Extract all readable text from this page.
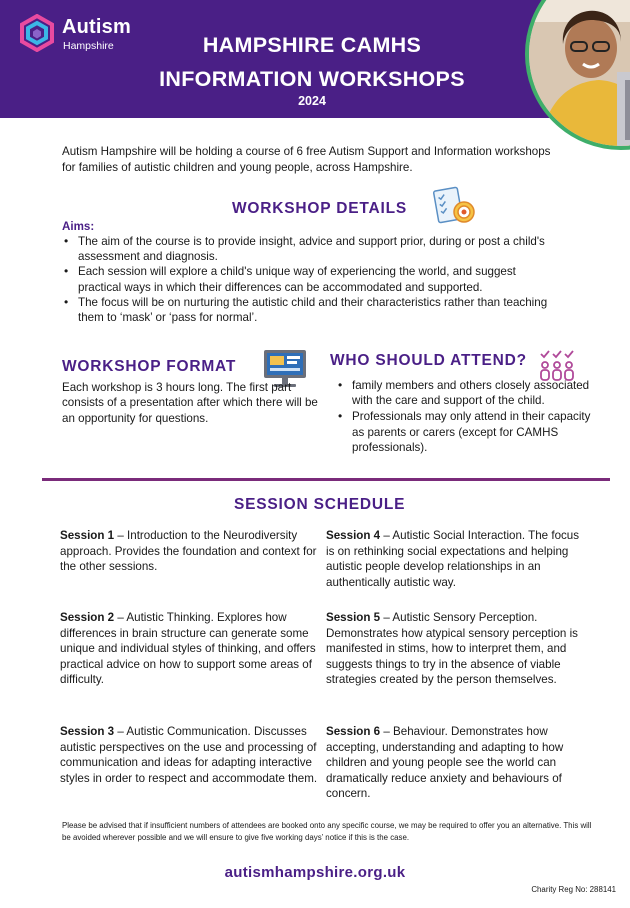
Autism
Hampshire	HAMPSHIRE CAMHS
INFORMATION WORKSHOPS
2024

Autism Hampshire will be holding a course of 6 free Autism Support and Information workshops for families of autistic children and young people, across Hampshire.

WORKSHOP DETAILS
Aims:
• The aim of the course is to provide insight, advice and support prior, during or post a child's assessment and diagnosis.
• Each session will explore a child's unique way of experiencing the world, and suggest practical ways in which their differences can be accommodated and supported.
• The focus will be on nurturing the autistic child and their characteristics rather than teaching them to ‘mask’ or ‘pass for normal’.
WORKSHOP FORMAT

Each workshop is 3 hours long. The first part consists of a presentation after which there will be an opportunity for questions.

WHO SHOULD ATTEND?
• family members and others closely associated with the care and support of the child.
• Professionals may only attend in their capacity as parents or carers (except for CAMHS professionals).
SESSION SCHEDULE

Session 1 – Introduction to the Neurodiversity approach. Provides the foundation and context for the other sessions.

Session 2 – Autistic Thinking. Explores how differences in brain structure can generate some unique and individual styles of thinking, and offers practical advice on how to support some areas of difficulty.

Session 3 – Autistic Communication. Discusses autistic perspectives on the use and processing of communication and ideas for adapting interactive styles in order to respect and accommodate them.

Session 4 – Autistic Social Interaction. The focus is on rethinking social expectations and helping autistic people develop relationships in an authentically autistic way.

Session 5 – Autistic Sensory Perception. Demonstrates how atypical sensory perception is manifested in stims, how to interpret them, and suggests things to try in the absence of viable strategies created by the person themselves.

Session 6 – Behaviour. Demonstrates how accepting, understanding and adapting to how children and young people see the world can dramatically reduce anxiety and behaviours of concern.

Please be advised that if insufficient numbers of attendees are booked onto any specific course, we may be required to offer you an alternative. This will be avoided wherever possible and we will ensure to give five working days’ notice if this is the case.

autismhampshire.org.uk
Charity Reg No: 288141
